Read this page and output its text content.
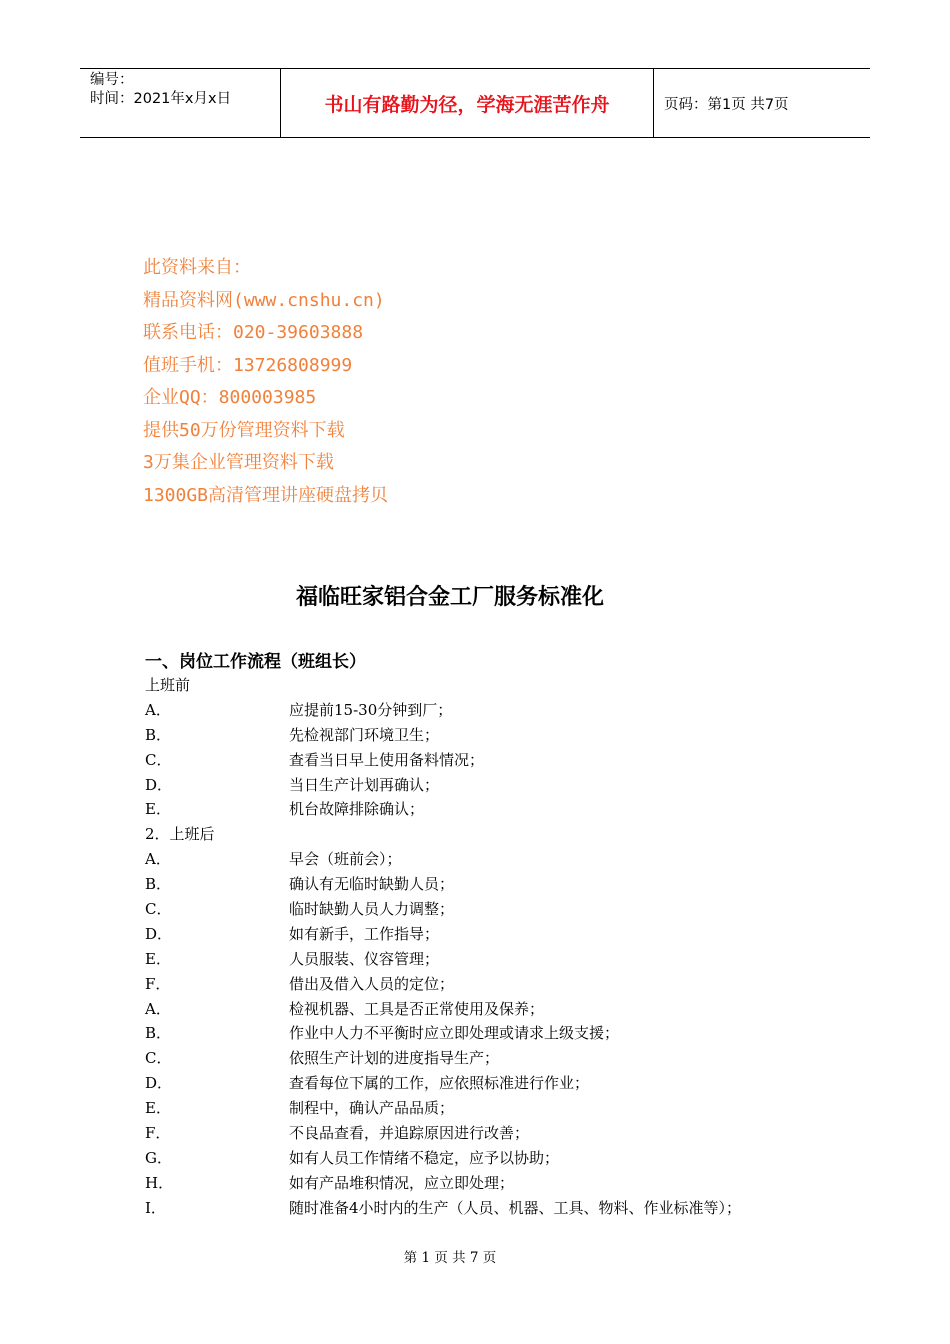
编号：
时间：2021年x月x日	书山有路勤为径，学海无涯苦作舟	页码：第1页 共7页
此资料来自：
精品资料网(www.cnshu.cn)
联系电话：020-39603888
值班手机：13726808999
企业QQ：800003985
提供50万份管理资料下载
3万集企业管理资料下载
1300GB高清管理讲座硬盘拷贝
福临旺家铝合金工厂服务标准化
一、岗位工作流程（班组长）
上班前
A．	应提前15-30分钟到厂；
B．	先检视部门环境卫生；
C．	查看当日早上使用备料情况；
D．	当日生产计划再确认；
E．	机台故障排除确认；
2．上班后
A．	早会（班前会）；
B．	确认有无临时缺勤人员；
C．	临时缺勤人员人力调整；
D．	如有新手，工作指导；
E．	人员服装、仪容管理；
F．	借出及借入人员的定位；
A．	检视机器、工具是否正常使用及保养；
B．	作业中人力不平衡时应立即处理或请求上级支援；
C．	依照生产计划的进度指导生产；
D．	查看每位下属的工作，应依照标准进行作业；
E．	制程中，确认产品品质；
F．	不良品查看，并追踪原因进行改善；
G．	如有人员工作情绪不稳定，应予以协助；
H．	如有产品堆积情况，应立即处理；
I．	随时准备4小时内的生产（人员、机器、工具、物料、作业标准等）；
第 1 页 共 7 页
